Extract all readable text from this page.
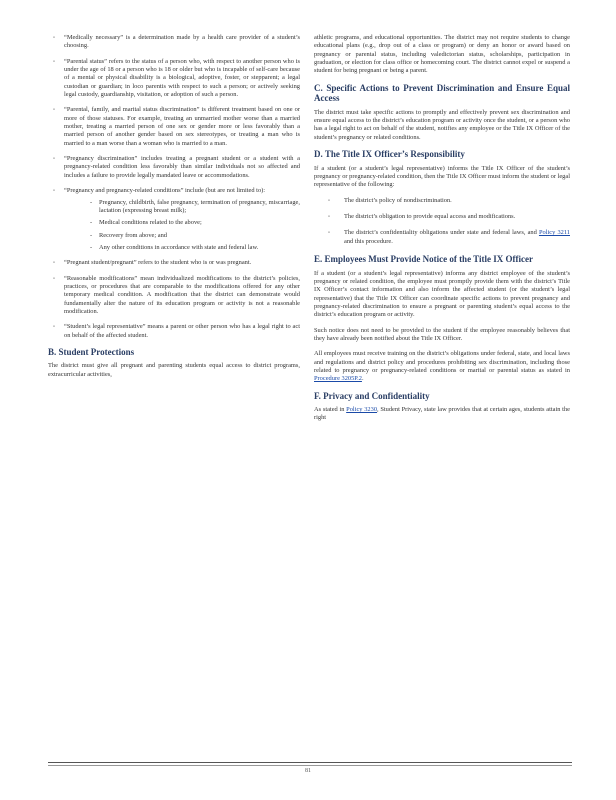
▫ “Medically necessary” is a determination made by a health care provider of a student’s choosing.
▫ “Parental status” refers to the status of a person who, with respect to another person who is under the age of 18 or a person who is 18 or older but who is incapable of self-care because of a mental or physical disability is a biological, adoptive, foster, or stepparent; a legal custodian or guardian; in loco parentis with respect to such a person; or actively seeking legal custody, guardianship, visitation, or adoption of such a person.
▫ “Parental, family, and marital status discrimination” is different treatment based on one or more of those statuses. For example, treating an unmarried mother worse than a married mother, treating a married person of one sex or gender more or less favorably than a married person of another gender based on sex stereotypes, or treating a man who is married to a man worse than a woman who is married to a man.
▫ “Pregnancy discrimination” includes treating a pregnant student or a student with a pregnancy-related condition less favorably than similar individuals not so affected and includes a failure to provide legally mandated leave or accommodations.
▫ “Pregnancy and pregnancy-related conditions” include (but are not limited to):
- Pregnancy, childbirth, false pregnancy, termination of pregnancy, miscarriage, lactation (expressing breast milk);
- Medical conditions related to the above;
- Recovery from above; and
- Any other conditions in accordance with state and federal law.
▫ “Pregnant student/pregnant” refers to the student who is or was pregnant.
▫ “Reasonable modifications” mean individualized modifications to the district’s policies, practices, or procedures that are comparable to the modifications offered for any other temporary medical condition. A modification that the district can demonstrate would fundamentally alter the nature of its education program or activity is not a reasonable modification.
▫ “Student’s legal representative” means a parent or other person who has a legal right to act on behalf of the affected student.
B. Student Protections

The district must give all pregnant and parenting students equal access to district programs, extracurricular activities,

athletic programs, and educational opportunities. The district may not require students to change educational plans (e.g., drop out of a class or program) or deny an honor or award based on pregnancy or parental status, including valedictorian status, scholarships, participation in graduation, or election for class office or homecoming court. The district cannot expel or suspend a student for being pregnant or being a parent.

C. Specific Actions to Prevent Discrimination and Ensure Equal Access

The district must take specific actions to promptly and effectively prevent sex discrimination and ensure equal access to the district’s education program or activity once the student, or a person who has a legal right to act on behalf of the student, notifies any employee or the Title IX Officer of the student’s pregnancy or related conditions.

D. The Title IX Officer’s Responsibility

If a student (or a student’s legal representative) informs the Title IX Officer of the student’s pregnancy or pregnancy-related condition, then the Title IX Officer must inform the student or legal representative of the following:

▫ The district’s policy of nondiscrimination.
▫ The district’s obligation to provide equal access and modifications.
▫ The district’s confidentiality obligations under state and federal laws, and Policy 3211 and this procedure.
E. Employees Must Provide Notice of the Title IX Officer

If a student (or a student’s legal representative) informs any district employee of the student’s pregnancy or related condition, the employee must promptly provide them with the district’s Title IX Officer’s contact information and also inform the affected student (or the student’s legal representative) that the Title IX Officer can coordinate specific actions to prevent pregnancy and pregnancy-related discrimination to ensure a pregnant or parenting student’s equal access to the district’s education program or activity.

Such notice does not need to be provided to the student if the employee reasonably believes that they have already been notified about the Title IX Officer.

All employees must receive training on the district’s obligations under federal, state, and local laws and regulations and district policy and procedures prohibiting sex discrimination, including those related to pregnancy or pregnancy-related conditions or marital or parental status as stated in Procedure 3205P.2.

F. Privacy and Confidentiality

As stated in Policy 3230, Student Privacy, state law provides that at certain ages, students attain the right

81
